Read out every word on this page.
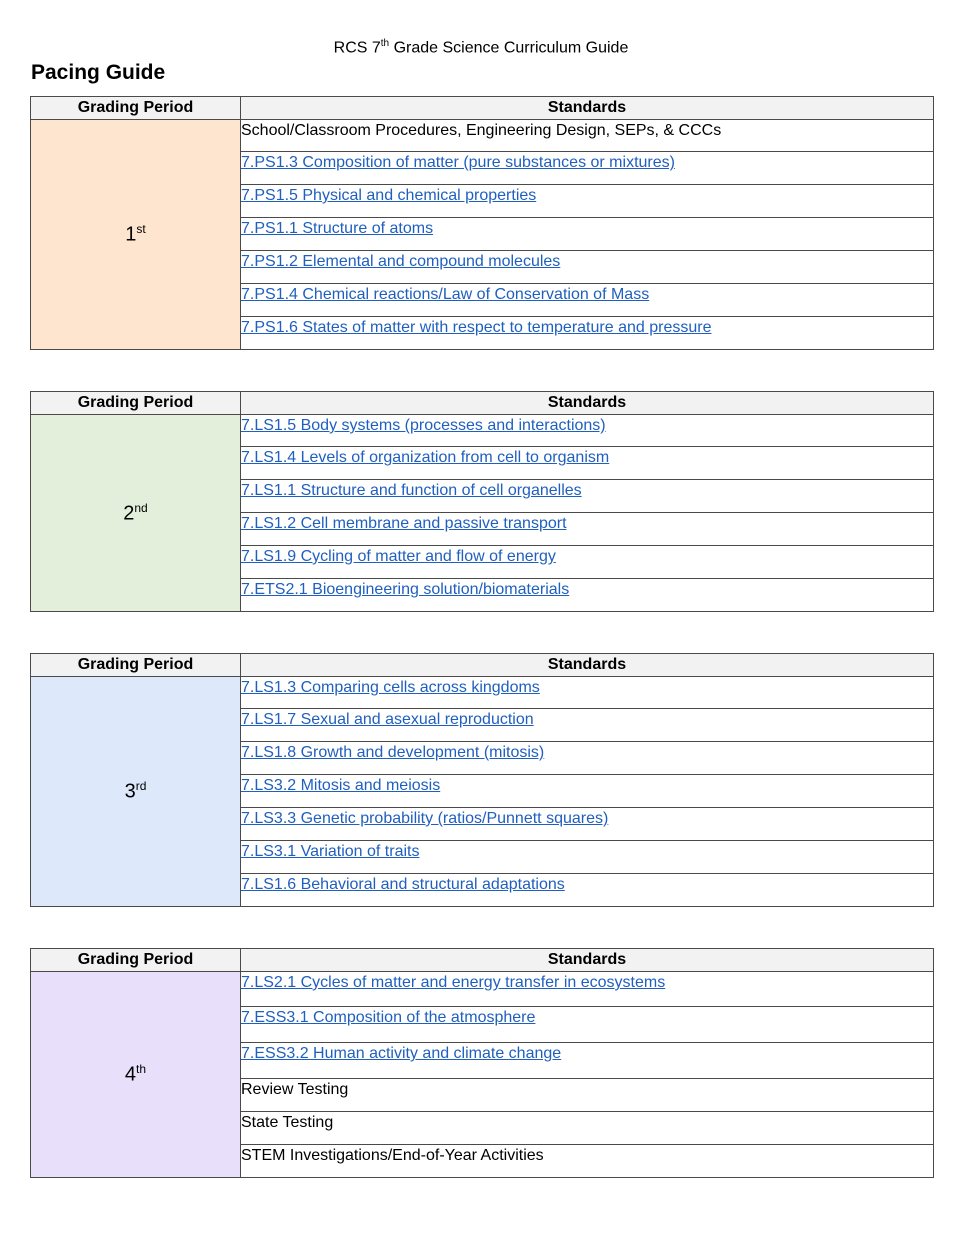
RCS 7th Grade Science Curriculum Guide
Pacing Guide
Grading Period	Standards
1st	School/Classroom Procedures, Engineering Design, SEPs, & CCCs
	7.PS1.3 Composition of matter (pure substances or mixtures)
	7.PS1.5 Physical and chemical properties
	7.PS1.1 Structure of atoms
	7.PS1.2 Elemental and compound molecules
	7.PS1.4 Chemical reactions/Law of Conservation of Mass
	7.PS1.6 States of matter with respect to temperature and pressure
Grading Period	Standards
2nd	7.LS1.5 Body systems (processes and interactions)
	7.LS1.4 Levels of organization from cell to organism
	7.LS1.1 Structure and function of cell organelles
	7.LS1.2 Cell membrane and passive transport
	7.LS1.9 Cycling of matter and flow of energy
	7.ETS2.1 Bioengineering solution/biomaterials
Grading Period	Standards
3rd	7.LS1.3 Comparing cells across kingdoms
	7.LS1.7 Sexual and asexual reproduction
	7.LS1.8 Growth and development (mitosis)
	7.LS3.2 Mitosis and meiosis
	7.LS3.3 Genetic probability (ratios/Punnett squares)
	7.LS3.1 Variation of traits
	7.LS1.6 Behavioral and structural adaptations
Grading Period	Standards
4th	7.LS2.1 Cycles of matter and energy transfer in ecosystems
	7.ESS3.1 Composition of the atmosphere
	7.ESS3.2 Human activity and climate change
	Review Testing
	State Testing
	STEM Investigations/End-of-Year Activities
